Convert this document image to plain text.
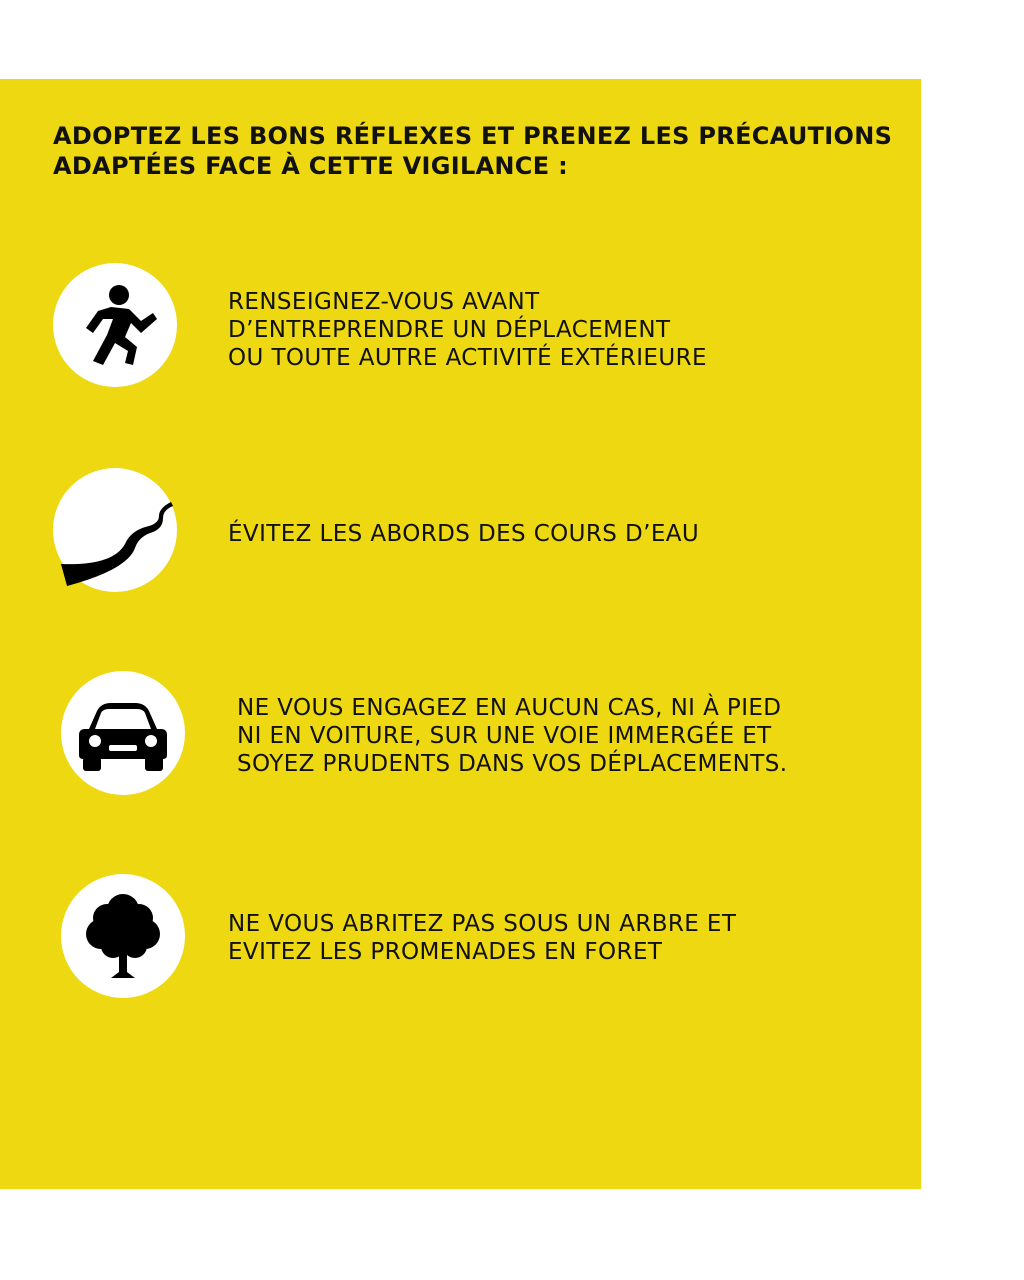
ADOPTEZ LES BONS RÉFLEXES ET PRENEZ LES PRÉCAUTIONS
ADAPTÉES FACE À CETTE VIGILANCE :
RENSEIGNEZ-VOUS AVANT
D’ENTREPRENDRE UN DÉPLACEMENT
OU TOUTE AUTRE ACTIVITÉ EXTÉRIEURE
ÉVITEZ LES ABORDS DES COURS D’EAU
NE VOUS ENGAGEZ EN AUCUN CAS, NI À PIED
NI EN VOITURE, SUR UNE VOIE IMMERGÉE ET
SOYEZ PRUDENTS DANS VOS DÉPLACEMENTS.
NE VOUS ABRITEZ PAS SOUS UN ARBRE ET
EVITEZ LES PROMENADES EN FORET
